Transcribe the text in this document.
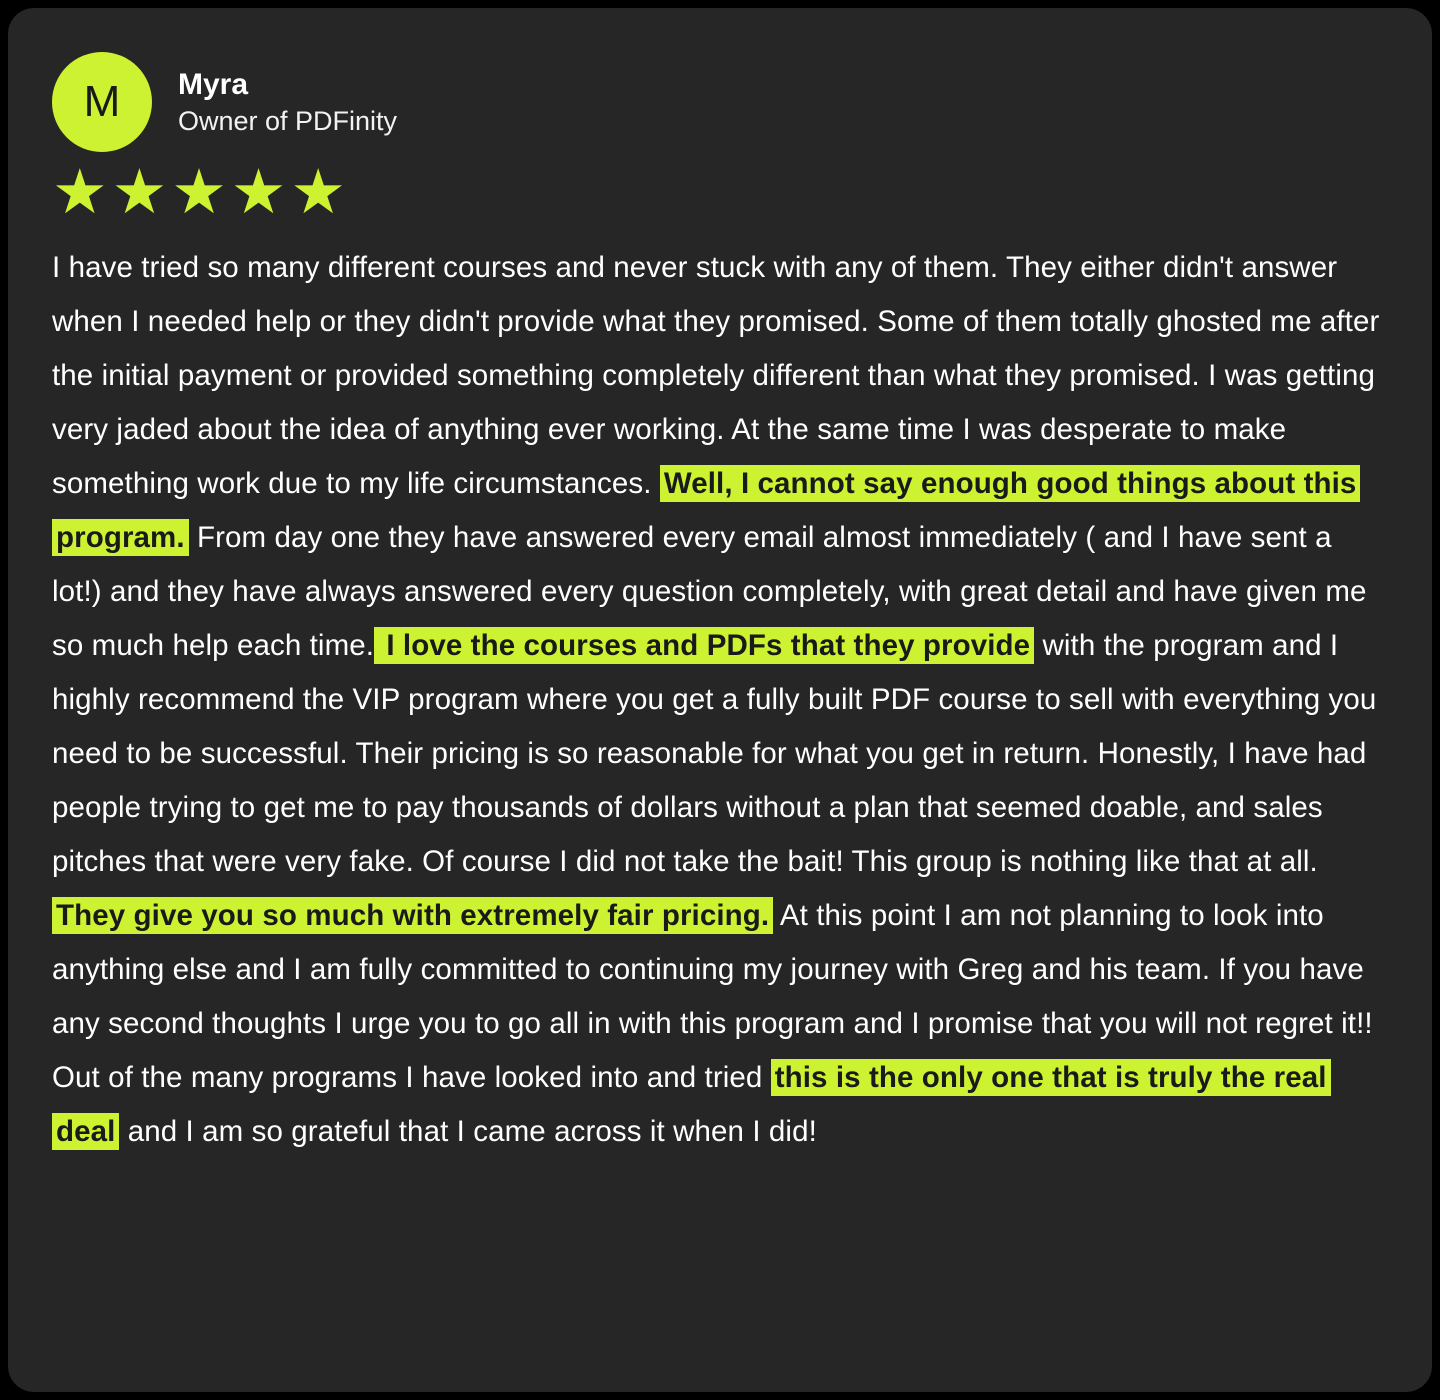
M	Myra
Owner of PDFinity
★ ★ ★ ★ ★
I have tried so many different courses and never stuck with any of them. They either didn't answer when I needed help or they didn't provide what they promised. Some of them totally ghosted me after the initial payment or provided something completely different than what they promised. I was getting very jaded about the idea of anything ever working. At the same time I was desperate to make something work due to my life circumstances. Well, I cannot say enough good things about this program. From day one they have answered every email almost immediately ( and I have sent a lot!) and they have always answered every question completely, with great detail and have given me so much help each time. I love the courses and PDFs that they provide with the program and I highly recommend the VIP program where you get a fully built PDF course to sell with everything you need to be successful. Their pricing is so reasonable for what you get in return. Honestly, I have had people trying to get me to pay thousands of dollars without a plan that seemed doable, and sales pitches that were very fake. Of course I did not take the bait! This group is nothing like that at all. They give you so much with extremely fair pricing. At this point I am not planning to look into anything else and I am fully committed to continuing my journey with Greg and his team. If you have any second thoughts I urge you to go all in with this program and I promise that you will not regret it!! Out of the many programs I have looked into and tried this is the only one that is truly the real deal and I am so grateful that I came across it when I did!
